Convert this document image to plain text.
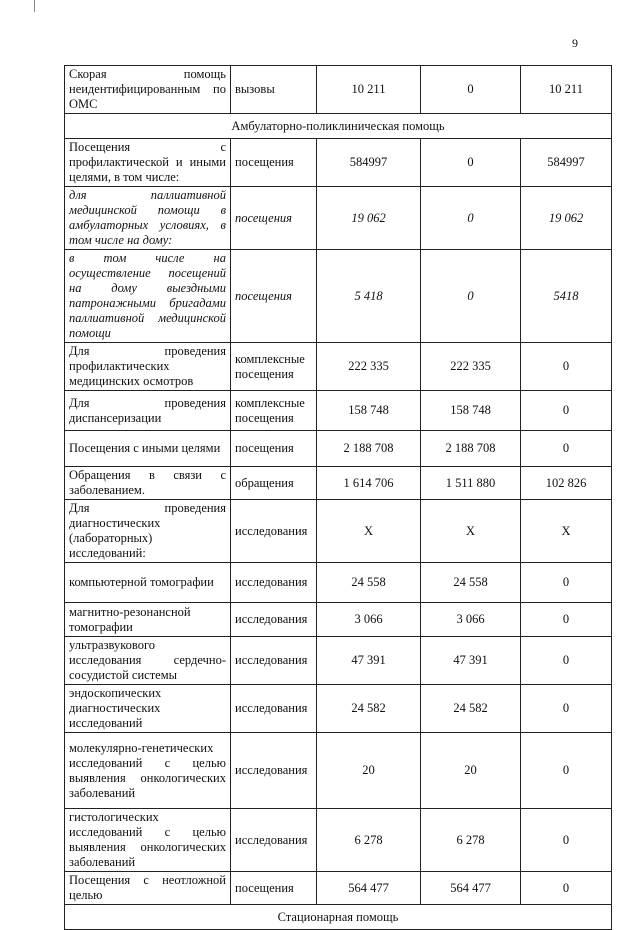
9
Скорая помощь неидентифицированным по ОМС	вызовы	10 211	0	10 211
Амбулаторно-поликлиническая помощь				
Посещения с профилактической и иными целями, в том числе:	посещения	584997	0	584997
для паллиативной медицинской помощи в амбулаторных условиях, в том числе на дому:	посещения	19 062	0	19 062
в том числе на осуществление посещений на дому выездными патронажными бригадами паллиативной медицинской помощи	посещения	5 418	0	5418
Для проведения профилактических медицинских осмотров	комплексные посещения	222 335	222 335	0
Для проведения диспансеризации	комплексные посещения	158 748	158 748	0
Посещения с иными целями	посещения	2 188 708	2 188 708	0
Обращения в связи с заболеванием.	обращения	1 614 706	1 511 880	102 826
Для проведения диагностических (лабораторных) исследований:	исследования	X	X	X
компьютерной томографии	исследования	24 558	24 558	0
магнитно-резонансной томографии	исследования	3 066	3 066	0
ультразвукового исследования сердечно-сосудистой системы	исследования	47 391	47 391	0
эндоскопических диагностических исследований	исследования	24 582	24 582	0
молекулярно-генетических исследований с целью выявления онкологических заболеваний	исследования	20	20	0
гистологических исследований с целью выявления онкологических заболеваний	исследования	6 278	6 278	0
Посещения с неотложной целью	посещения	564 477	564 477	0
Стационарная помощь				
